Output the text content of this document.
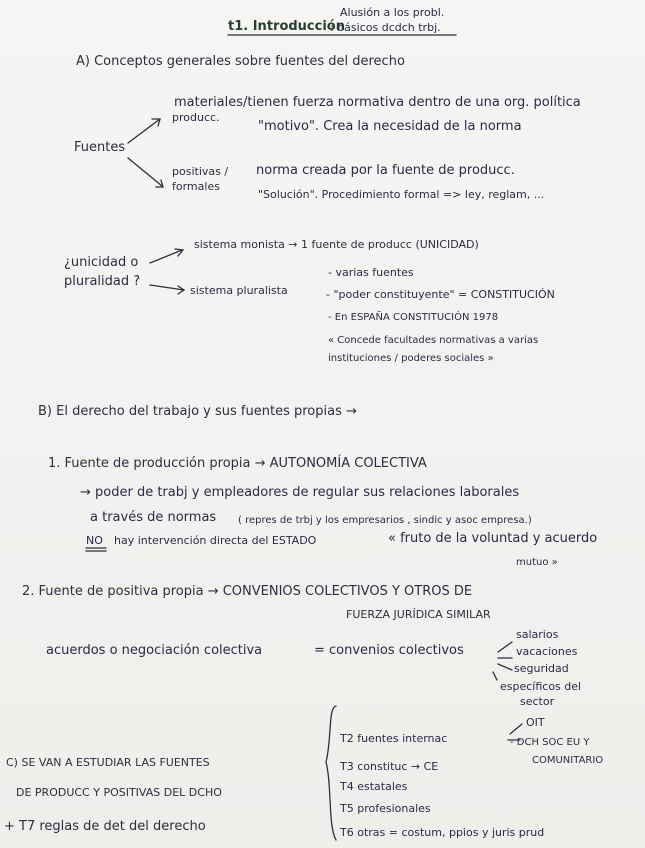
Alusión a los probl.
t1. Introducción
: básicos dcdch trbj.
A) Conceptos generales sobre fuentes del derecho
Fuentes
materiales/tienen fuerza normativa dentro de una org. política
producc.
"motivo". Crea la necesidad de la norma
positivas /
formales
norma creada por la fuente de producc.
"Solución". Procedimiento formal => ley, reglam, ...
¿unicidad o
pluralidad ?
sistema monista → 1 fuente de producc (UNICIDAD)
sistema pluralista
- varias fuentes
- "poder constituyente" = CONSTITUCIÓN
- En ESPAÑA CONSTITUCIÓN 1978
« Concede facultades normativas a varias
instituciones / poderes sociales »
B) El derecho del trabajo y sus fuentes propias →
1. Fuente de producción propia → AUTONOMÍA COLECTIVA
→ poder de trabj y empleadores de regular sus relaciones laborales
a través de normas ( repres de trbj y los empresarios , sindic y asoc empresa.)
NO hay intervención directa del ESTADO	« fruto de la voluntad y acuerdo
mutuo »
2. Fuente de positiva propia → CONVENIOS COLECTIVOS Y OTROS DE
FUERZA JURÍDICA SIMILAR
acuerdos o negociación colectiva	= convenios colectivos
salarios
vacaciones
seguridad
específicos del
sector
C) SE VAN A ESTUDIAR LAS FUENTES
DE PRODUCC Y POSITIVAS DEL DCHO
+ T7 reglas de det del derecho
T2 fuentes internac
OIT
- DCH SOC EU Y
COMUNITARIO
T3 constituc → CE
T4 estatales
T5 profesionales
T6 otras = costum, ppios y juris prud
